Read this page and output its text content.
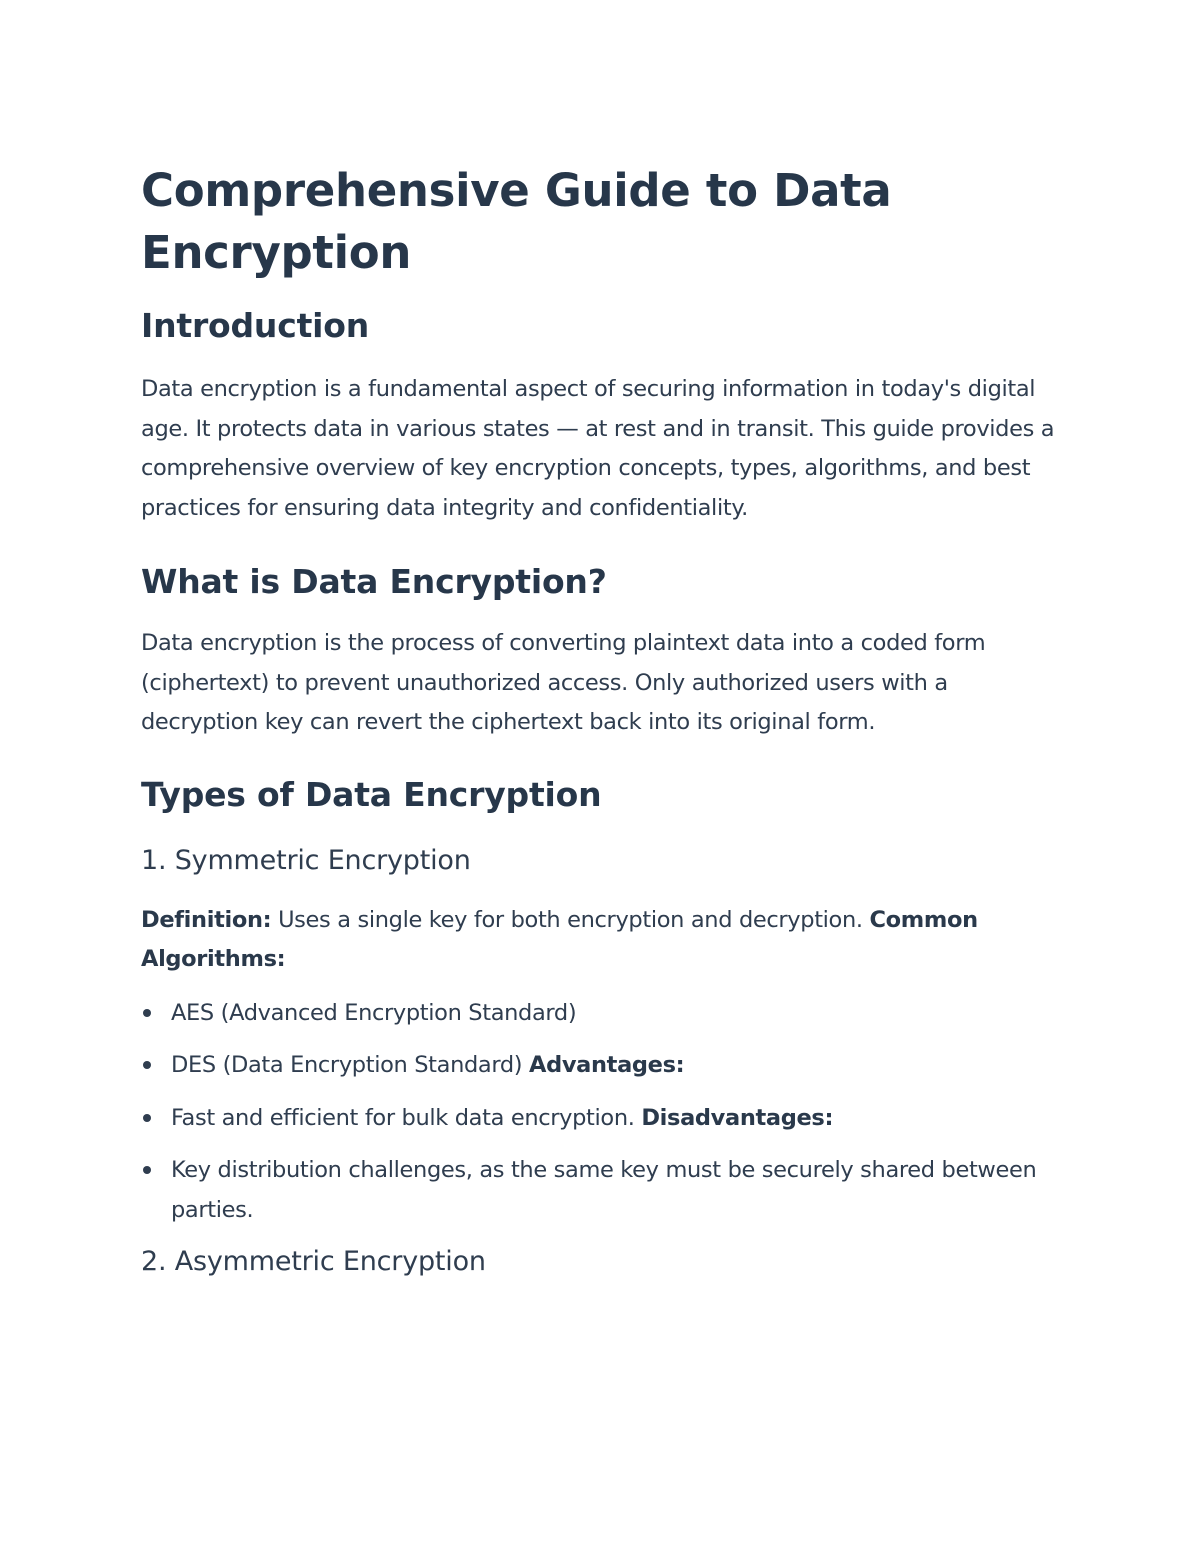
Comprehensive Guide to Data Encryption
Introduction

Data encryption is a fundamental aspect of securing information in today's digital age. It protects data in various states — at rest and in transit. This guide provides a comprehensive overview of key encryption concepts, types, algorithms, and best practices for ensuring data integrity and confidentiality.

What is Data Encryption?

Data encryption is the process of converting plaintext data into a coded form (ciphertext) to prevent unauthorized access. Only authorized users with a decryption key can revert the ciphertext back into its original form.

Types of Data Encryption
1. Symmetric Encryption

Definition: Uses a single key for both encryption and decryption. Common Algorithms:

AES (Advanced Encryption Standard)
DES (Data Encryption Standard) Advantages:
Fast and efficient for bulk data encryption. Disadvantages:
Key distribution challenges, as the same key must be securely shared between parties.
2. Asymmetric Encryption
